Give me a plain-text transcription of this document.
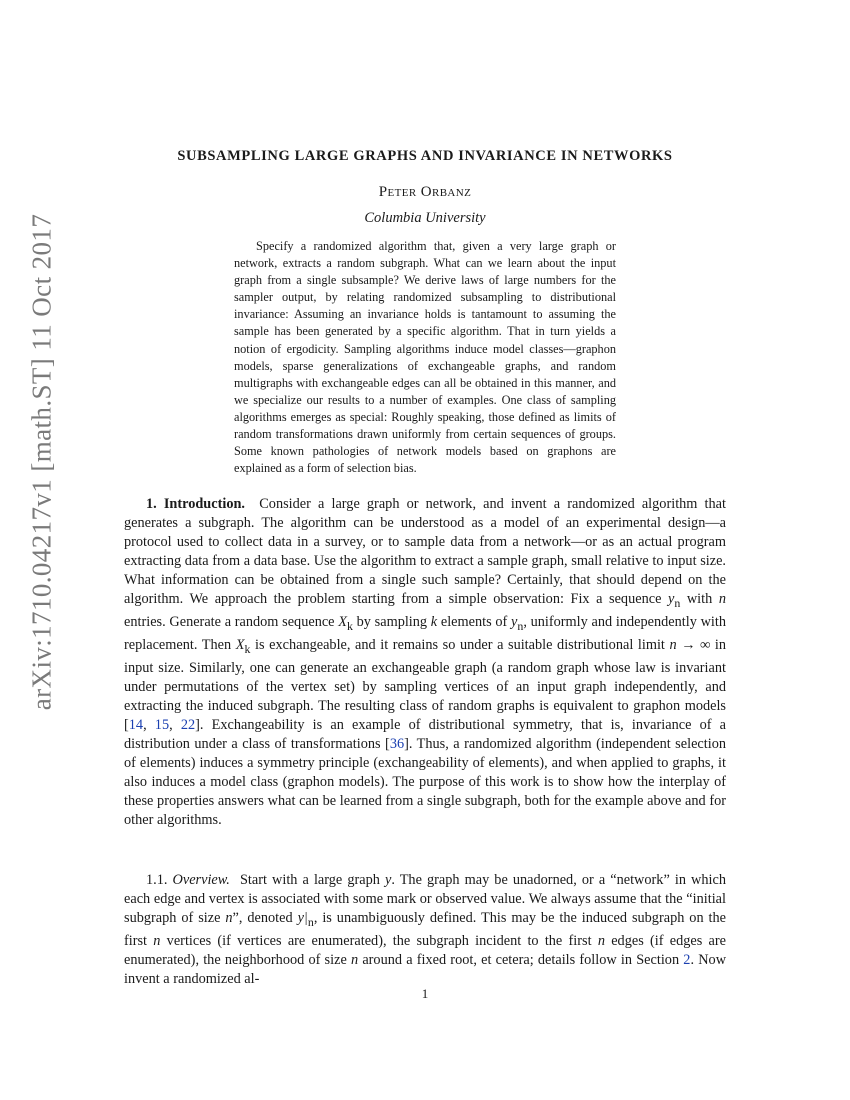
arXiv:1710.04217v1 [math.ST] 11 Oct 2017
SUBSAMPLING LARGE GRAPHS AND INVARIANCE IN NETWORKS
Peter Orbanz
Columbia University
Specify a randomized algorithm that, given a very large graph or network, extracts a random subgraph. What can we learn about the input graph from a single subsample? We derive laws of large numbers for the sampler output, by relating randomized subsampling to distributional invariance: Assuming an invariance holds is tantamount to assuming the sample has been generated by a specific algorithm. That in turn yields a notion of ergodicity. Sampling algorithms induce model classes—graphon models, sparse generalizations of exchangeable graphs, and random multigraphs with exchangeable edges can all be obtained in this manner, and we specialize our results to a number of examples. One class of sampling algorithms emerges as special: Roughly speaking, those defined as limits of random transformations drawn uniformly from certain sequences of groups. Some known pathologies of network models based on graphons are explained as a form of selection bias.
1. Introduction. Consider a large graph or network, and invent a randomized algorithm that generates a subgraph. The algorithm can be understood as a model of an experimental design—a protocol used to collect data in a survey, or to sample data from a network—or as an actual program extracting data from a data base. Use the algorithm to extract a sample graph, small relative to input size. What information can be obtained from a single such sample? Certainly, that should depend on the algorithm. We approach the problem starting from a simple observation: Fix a sequence $y_n$ with n entries. Generate a random sequence $X_k$ by sampling k elements of $y_n$, uniformly and independently with replacement. Then $X_k$ is exchangeable, and it remains so under a suitable distributional limit n → ∞ in input size. Similarly, one can generate an exchangeable graph (a random graph whose law is invariant under permutations of the vertex set) by sampling vertices of an input graph independently, and extracting the induced subgraph. The resulting class of random graphs is equivalent to graphon models [14, 15, 22]. Exchangeability is an example of distributional symmetry, that is, invariance of a distribution under a class of transformations [36]. Thus, a randomized algorithm (independent selection of elements) induces a symmetry principle (exchangeability of elements), and when applied to graphs, it also induces a model class (graphon models). The purpose of this work is to show how the interplay of these properties answers what can be learned from a single subgraph, both for the example above and for other algorithms.
1.1. Overview. Start with a large graph y. The graph may be unadorned, or a “network” in which each edge and vertex is associated with some mark or observed value. We always assume that the “initial subgraph of size n”, denoted $y|_n$, is unambiguously defined. This may be the induced subgraph on the first n vertices (if vertices are enumerated), the subgraph incident to the first n edges (if edges are enumerated), the neighborhood of size n around a fixed root, et cetera; details follow in Section 2. Now invent a randomized al-
1
